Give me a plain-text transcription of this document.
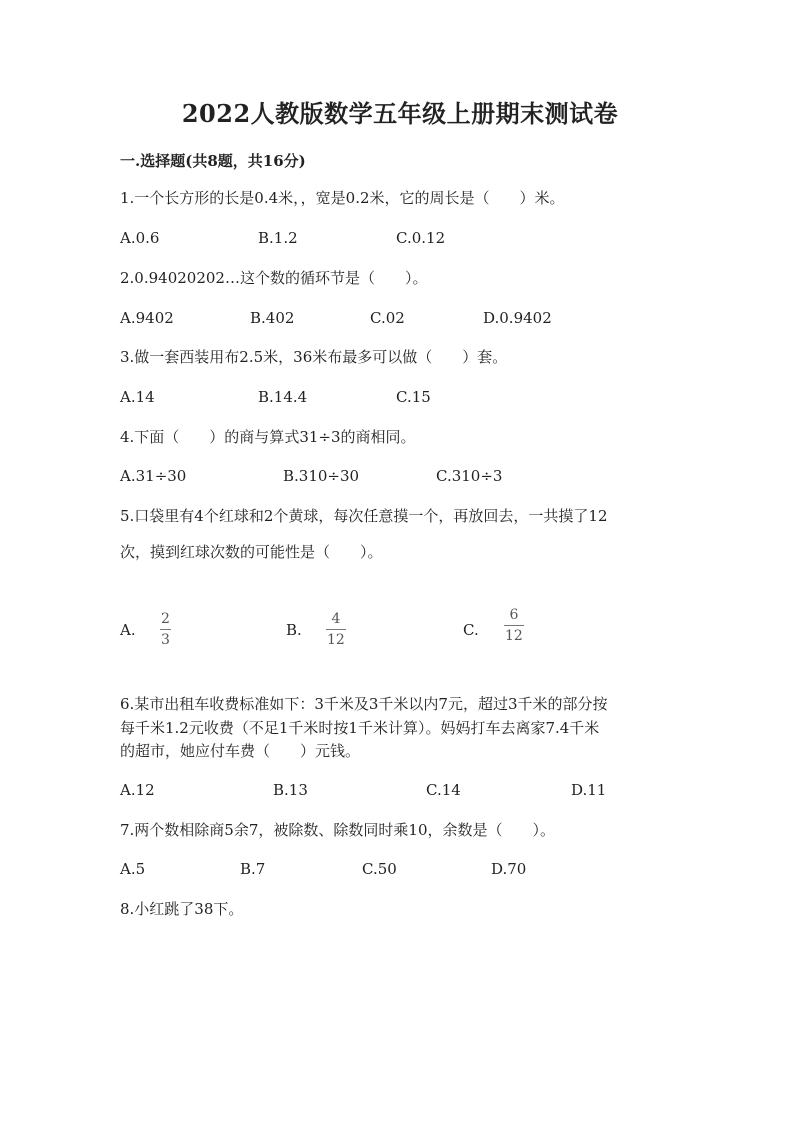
2022人教版数学五年级上册期末测试卷
一.选择题(共8题，共16分)
1.一个长方形的长是0.4米，，宽是0.2米，它的周长是（　　）米。
A.0.6	B.1.2	C.0.12
2.0.94020202…这个数的循环节是（　　）。
A.9402	B.402	C.02	D.0.9402
3.做一套西装用布2.5米，36米布最多可以做（　　）套。
A.14	B.14.4	C.15
4.下面（　　）的商与算式31÷3的商相同。
A.31÷30	B.310÷30	C.310÷3
5.口袋里有4个红球和2个黄球，每次任意摸一个，再放回去，一共摸了12
次，摸到红球次数的可能性是（　　）。
A.
2
3
B.
4
12
C.
6
12
6.某市出租车收费标准如下：3千米及3千米以内7元，超过3千米的部分按
每千米1.2元收费（不足1千米时按1千米计算）。妈妈打车去离家7.4千米
的超市，她应付车费（　　）元钱。
A.12	B.13	C.14	D.11
7.两个数相除商5余7，被除数、除数同时乘10，余数是（　　）。
A.5	B.7	C.50	D.70
8.小红跳了38下。
